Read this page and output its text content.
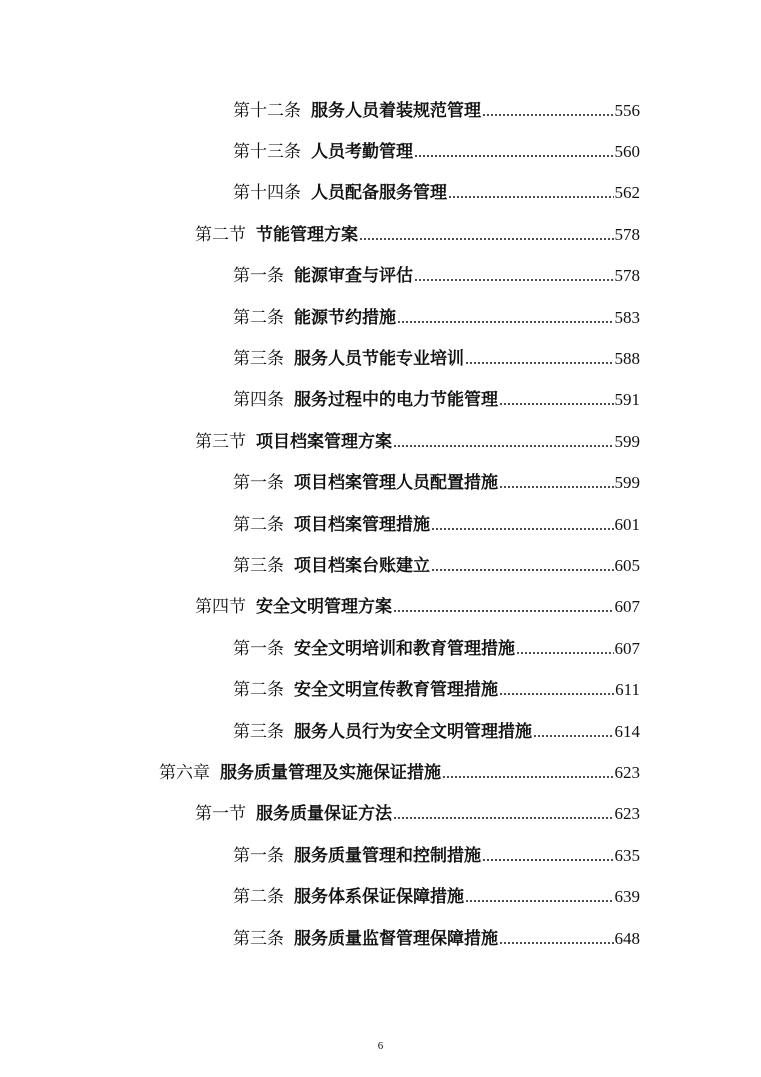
第十二条 服务人员着装规范管理	556
第十三条 人员考勤管理	560
第十四条 人员配备服务管理	562
第二节 节能管理方案	578
第一条 能源审查与评估	578
第二条 能源节约措施	583
第三条 服务人员节能专业培训	588
第四条 服务过程中的电力节能管理	591
第三节 项目档案管理方案	599
第一条 项目档案管理人员配置措施	599
第二条 项目档案管理措施	601
第三条 项目档案台账建立	605
第四节 安全文明管理方案	607
第一条 安全文明培训和教育管理措施	607
第二条 安全文明宣传教育管理措施	611
第三条 服务人员行为安全文明管理措施	614
第六章 服务质量管理及实施保证措施	623
第一节 服务质量保证方法	623
第一条 服务质量管理和控制措施	635
第二条 服务体系保证保障措施	639
第三条 服务质量监督管理保障措施	648
6
